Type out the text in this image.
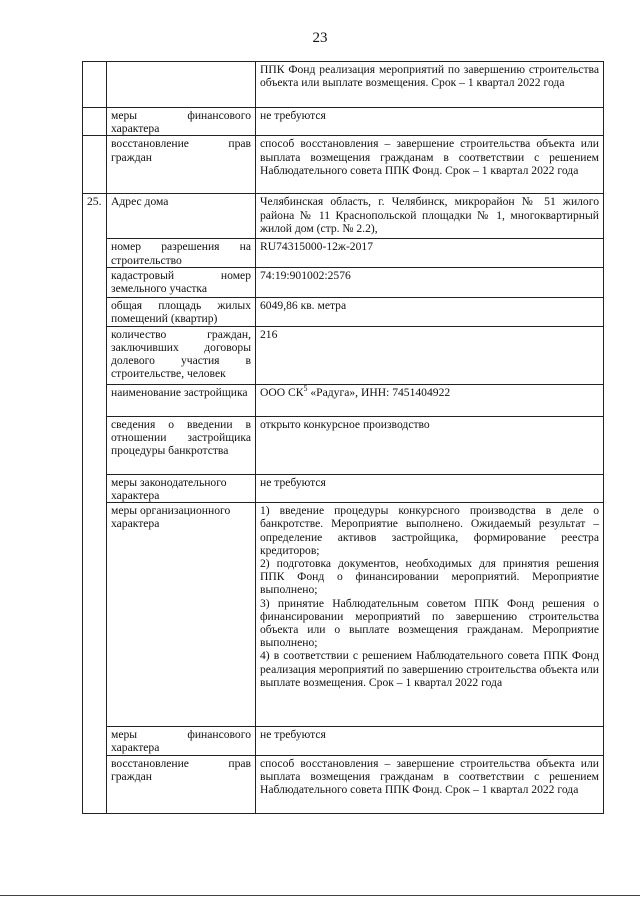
23
		ППК Фонд реализация мероприятий по завершению строительства объекта или выплате возмещения. Срок – 1 квартал 2022 года
	меры финансового характера	не требуются
	восстановление прав граждан	способ восстановления – завершение строительства объекта или выплата возмещения гражданам в соответствии с решением Наблюдательного совета ППК Фонд. Срок – 1 квартал 2022 года
25.	Адрес дома	Челябинская область, г. Челябинск, микрорайон № 51 жилого района № 11 Краснопольской площадки № 1, многоквартирный жилой дом (стр. № 2.2),
	номер разрешения на строительство	RU74315000-12ж-2017
	кадастровый номер земельного участка	74:19:901002:2576
	общая площадь жилых помещений (квартир)	6049,86 кв. метра
	количество граждан, заключивших договоры долевого участия в строительстве, человек	216
	наименование застройщика	ООО $СК^5$ «Радуга», ИНН: 7451404922
	сведения о введении в отношении застройщика процедуры банкротства	открыто конкурсное производство
	меры законодательного характера	не требуются
	меры организационного характера	1) введение процедуры конкурсного производства в деле о банкротстве. Мероприятие выполнено. Ожидаемый результат – определение активов застройщика, формирование реестра кредиторов;

2) подготовка документов, необходимых для принятия решения ППК Фонд о финансировании мероприятий. Мероприятие выполнено;

3) принятие Наблюдательным советом ППК Фонд решения о финансировании мероприятий по завершению строительства объекта или о выплате возмещения гражданам. Мероприятие выполнено;

4) в соответствии с решением Наблюдательного совета ППК Фонд реализация мероприятий по завершению строительства объекта или выплате возмещения. Срок – 1 квартал 2022 года

	меры финансового характера	не требуются
	восстановление прав граждан	способ восстановления – завершение строительства объекта или выплата возмещения гражданам в соответствии с решением Наблюдательного совета ППК Фонд. Срок – 1 квартал 2022 года
